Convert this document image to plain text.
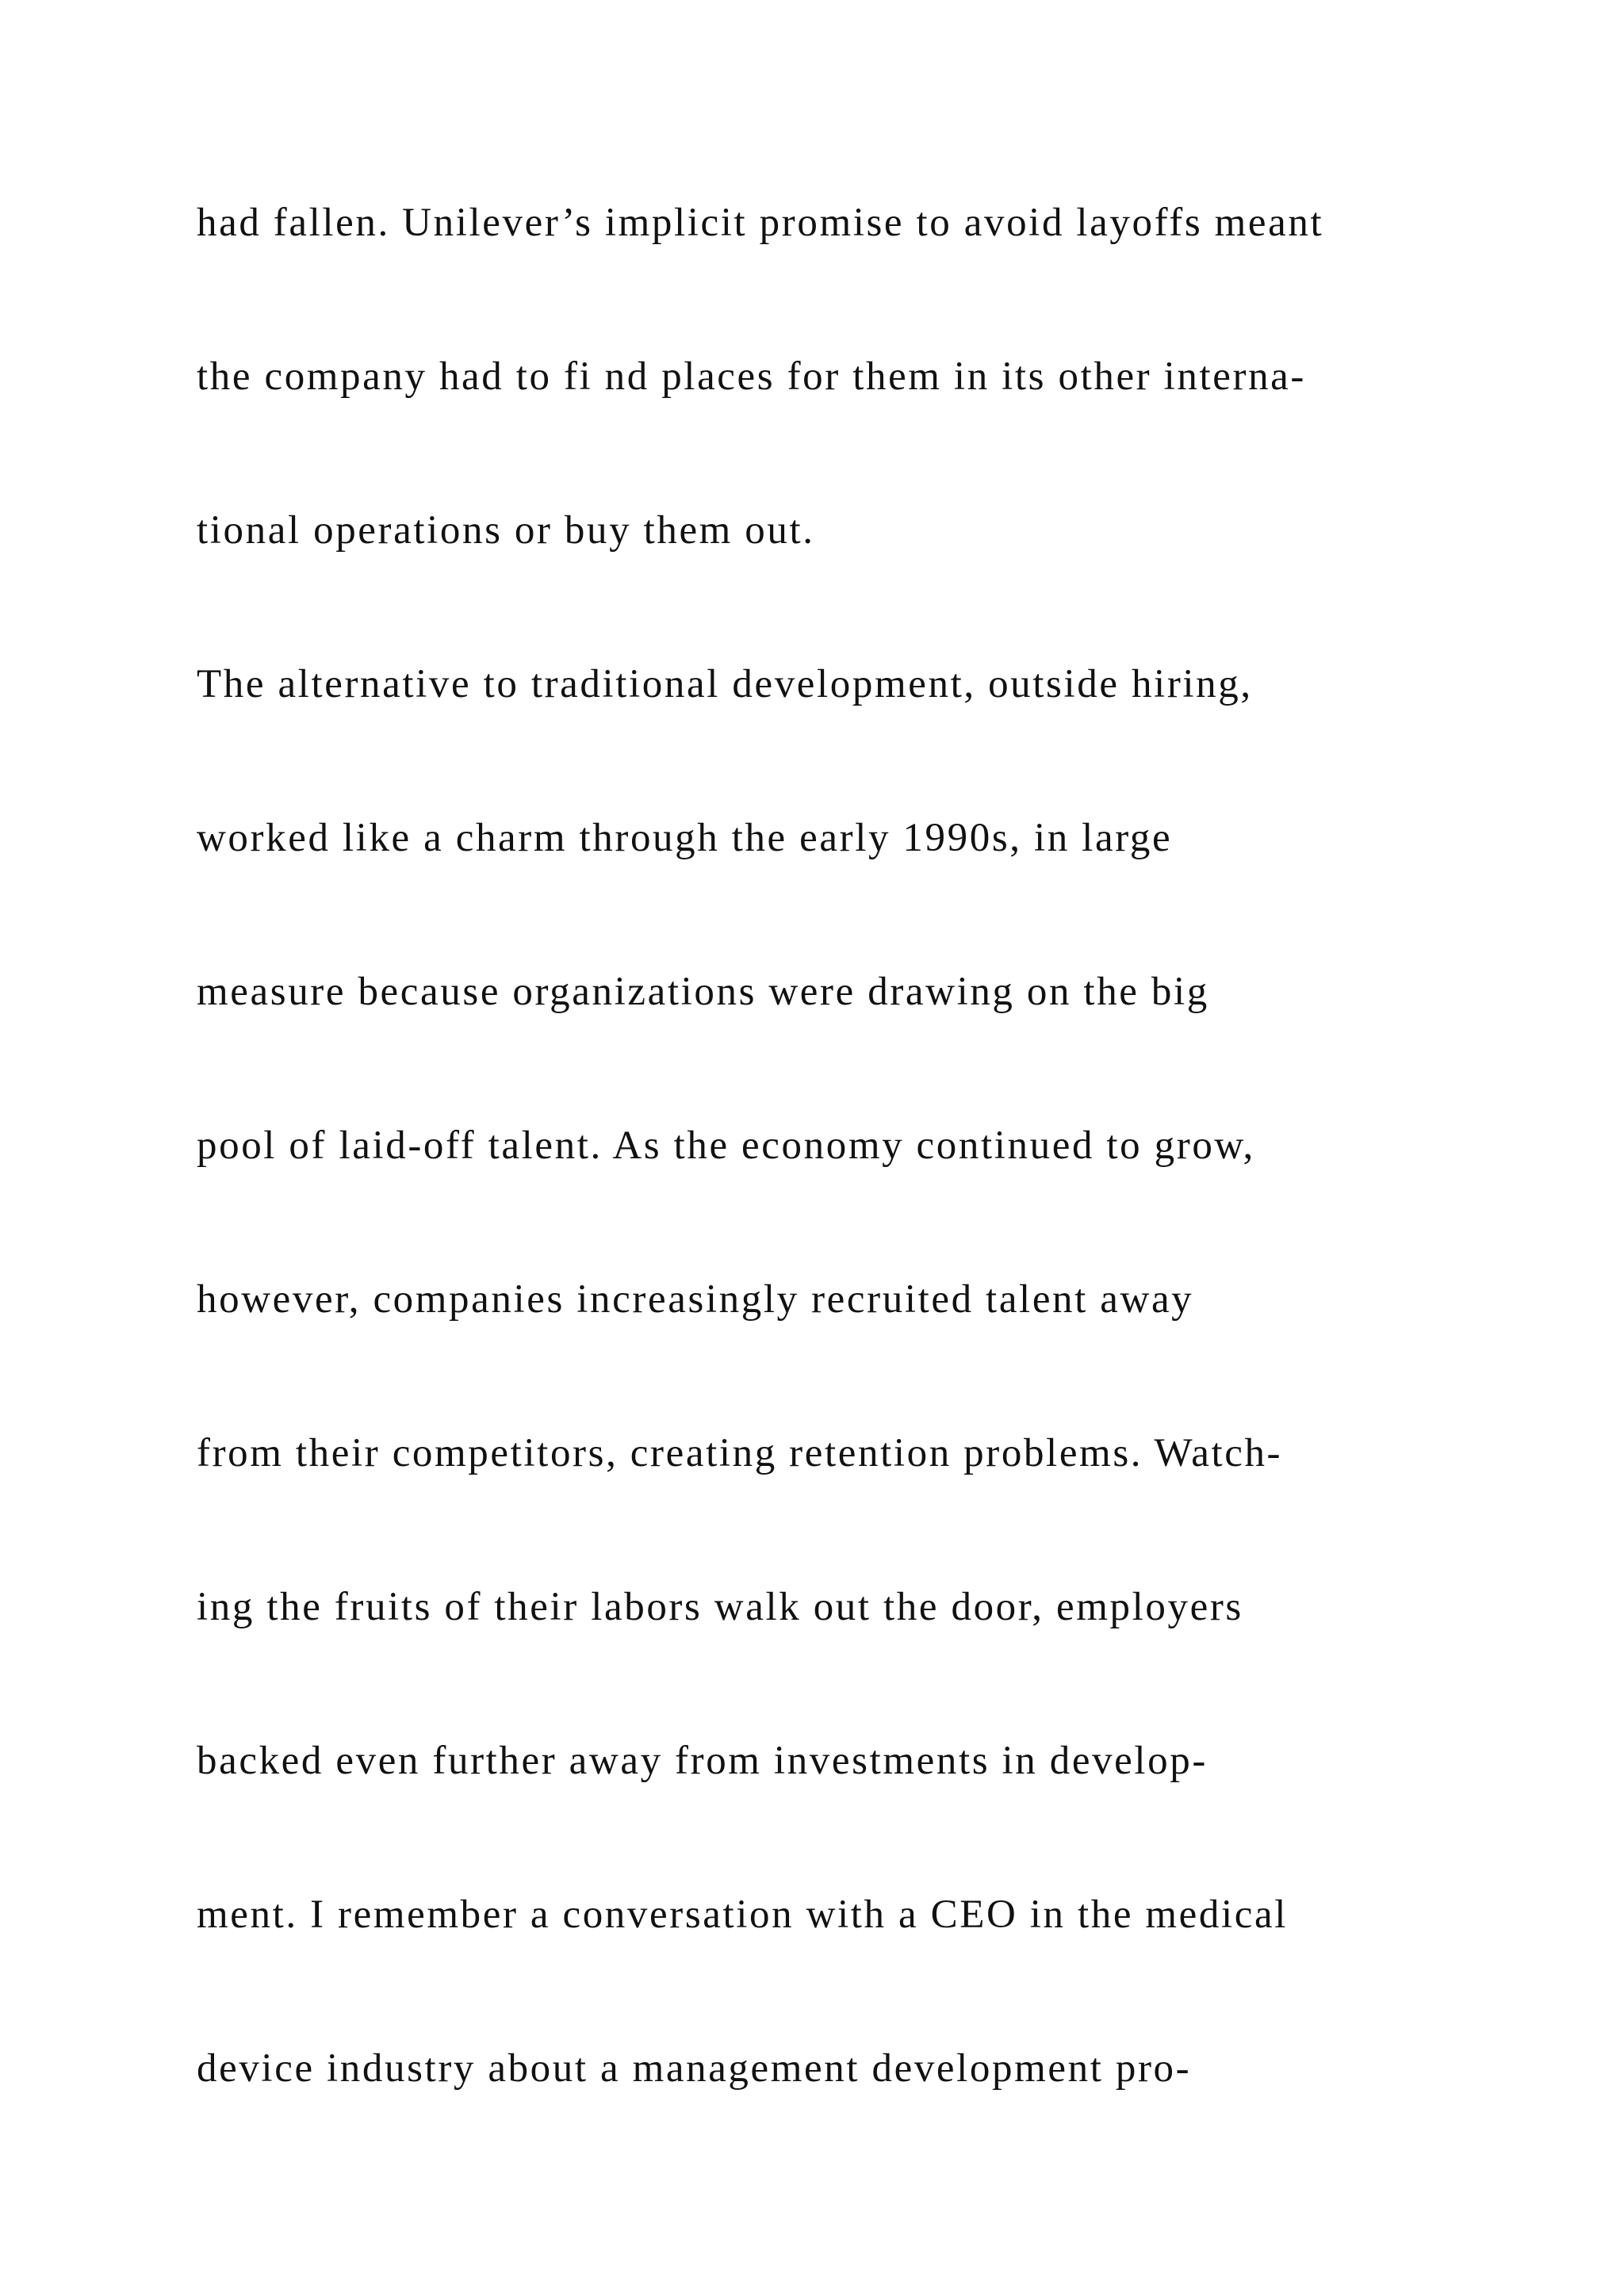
had fallen. Unilever’s implicit promise to avoid layoffs meant
the company had to fi nd places for them in its other interna-
tional operations or buy them out.
The alternative to traditional development, outside hiring,
worked like a charm through the early 1990s, in large
measure because organizations were drawing on the big
pool of laid-off talent. As the economy continued to grow,
however, companies increasingly recruited talent away
from their competitors, creating retention problems. Watch-
ing the fruits of their labors walk out the door, employers
backed even further away from investments in develop-
ment. I remember a conversation with a CEO in the medical
device industry about a management development pro-
